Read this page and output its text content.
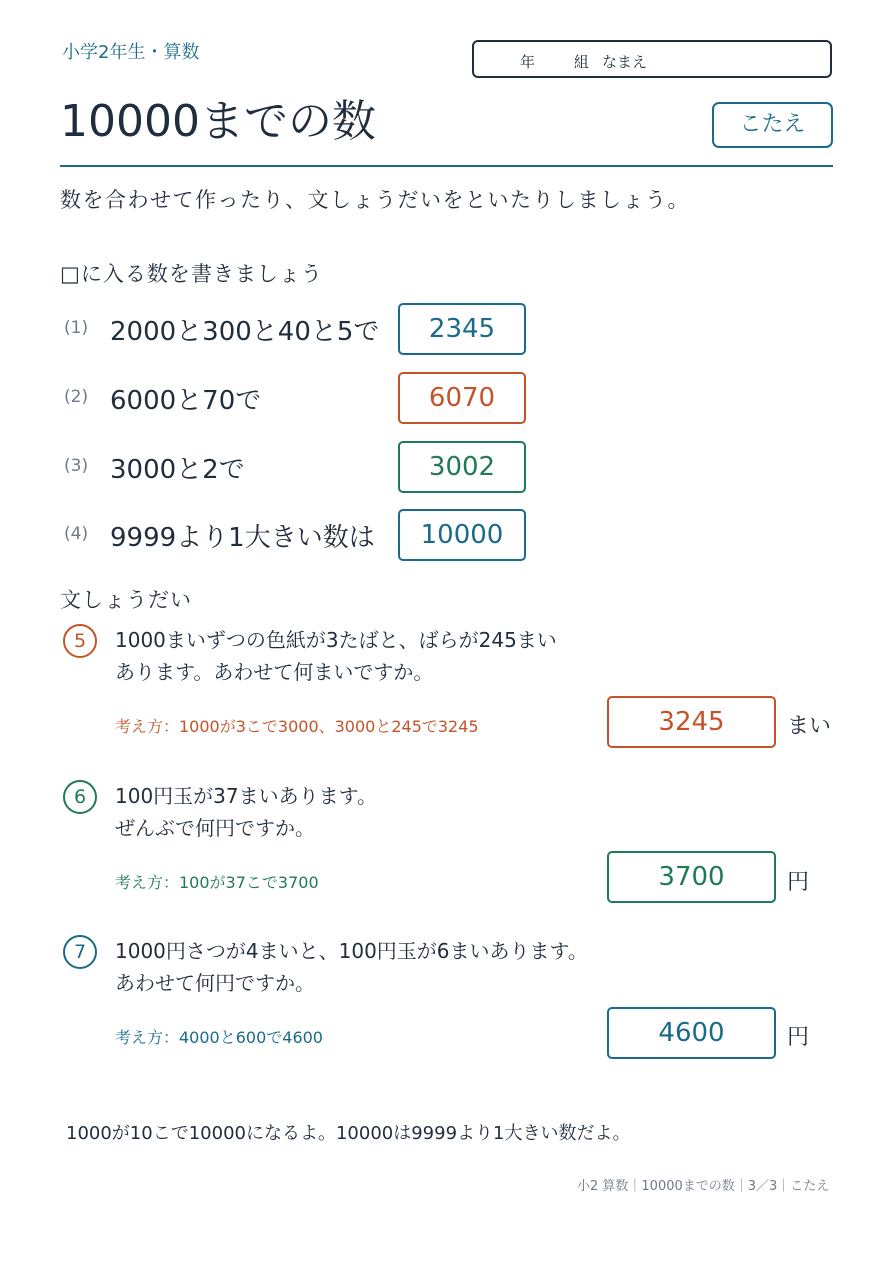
小学2年生・算数	年	組 なまえ
10000までの数	こたえ
数を合わせて作ったり、文しょうだいをといたりしましょう。
□に入る数を書きましょう
(1) 2000と300と40と5で	2345
(2) 6000と70で	6070
(3) 3000と2で	3002
(4) 9999より1大きい数は	10000
文しょうだい
5	1000まいずつの色紙が3たばと、ばらが245まい
あります。あわせて何まいですか。
考え方：1000が3こで3000、3000と245で3245	3245	まい
6	100円玉が37まいあります。
ぜんぶで何円ですか。
考え方：100が37こで3700	3700	円
7	1000円さつが4まいと、100円玉が6まいあります。
あわせて何円ですか。
考え方：4000と600で4600	4600	円
1000が10こで10000になるよ。10000は9999より1大きい数だよ。
小2 算数｜10000までの数｜3／3｜こたえ
